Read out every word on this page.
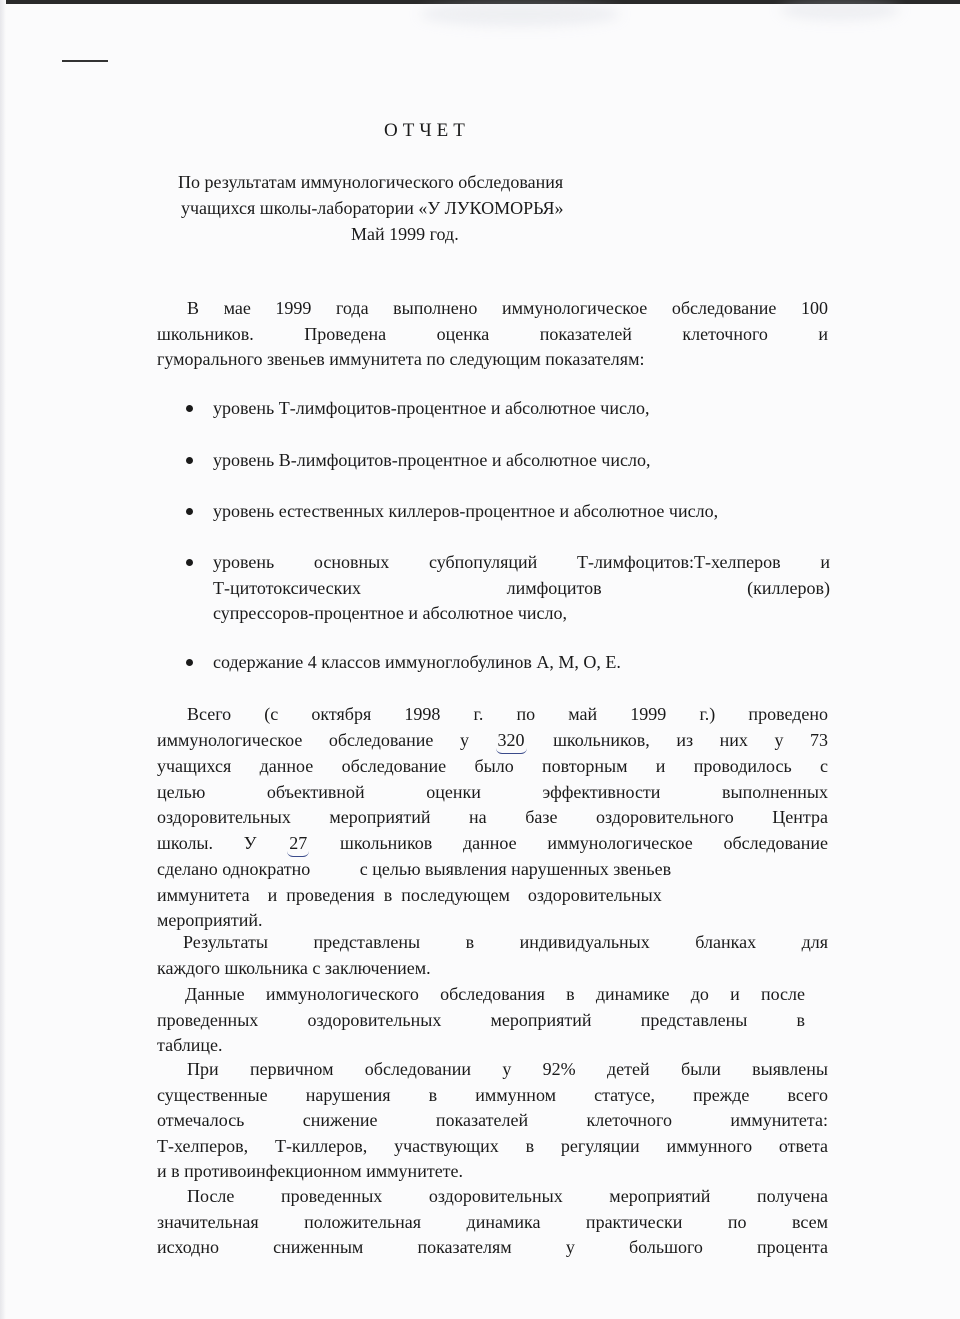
ОТЧЕТ
По результатам иммунологического обследования
учащихся школы-лаборатории «У ЛУКОМОРЬЯ»
Май 1999 год.
В мае 1999 года выполнено иммунологическое обследование 100
школьников. Проведена оценка показателей клеточного и
гуморального звеньев иммунитета по следующим показателям:
уровень Т-лимфоцитов-процентное и абсолютное число,
уровень В-лимфоцитов-процентное и абсолютное число,
уровень естественных киллеров-процентное и абсолютное число,
уровень основных субпопуляций Т-лимфоцитов:Т-хелперов и
Т-цитотоксических лимфоцитов (киллеров)
супрессоров-процентное и абсолютное число,
содержание 4 классов иммуноглобулинов А, М, О, Е.
Всего (с октября 1998 г. по май 1999 г.) проведено
иммунологическое обследование у 320 школьников, из них у 73
учащихся данное обследование было повторным и проводилось с
целью объективной оценки эффективности выполненных
оздоровительных мероприятий на базе оздоровительного Центра
школы. У 27 школьников данное иммунологическое обследование
сделано однократно           с целью выявления нарушенных звеньев
иммунитета    и  проведения  в  последующем    оздоровительных
мероприятий.
Результаты представлены в индивидуальных бланках для
каждого школьника с заключением.
Данные иммунологического обследования в динамике до и после
проведенных оздоровительных мероприятий представлены в
таблице.
При первичном обследовании у 92% детей были выявлены
существенные нарушения в иммунном статусе, прежде всего
отмечалось снижение показателей клеточного иммунитета:
Т-хелперов, Т-киллеров, участвующих в регуляции иммунного ответа
и в противоинфекционном иммунитете.
После проведенных оздоровительных мероприятий получена
значительная положительная динамика практически по всем
исходно сниженным показателям у большого процента
